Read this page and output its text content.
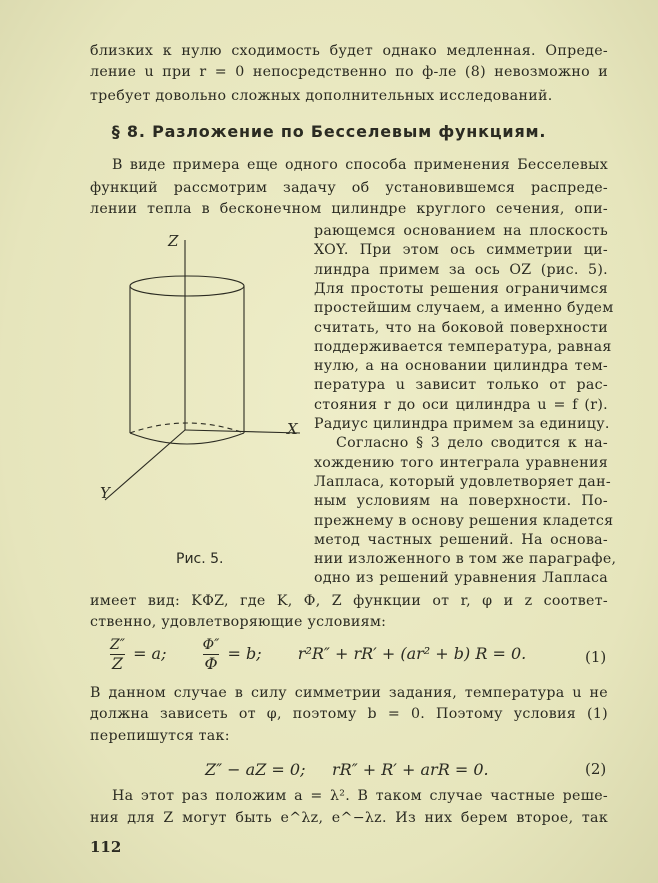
близких к нулю сходимость будет однако медленная. Опреде-
ление u при r = 0 непосредственно по ф-ле (8) невозможно и
требует довольно сложных дополнительных исследований.
§ 8. Разложение по Бесселевым функциям.
В виде примера еще одного способа применения Бесселевых
функций рассмотрим задачу об установившемся распреде-
лении тепла в бесконечном цилиндре круглого сечения, опи-
рающемся основанием на плоскость
XOY. При этом ось симметрии ци-
линдра примем за ось OZ (рис. 5).
Для простоты решения ограничимся
простейшим случаем, а именно будем
считать, что на боковой поверхности
поддерживается температура, равная
нулю, а на основании цилиндра тем-
пература u зависит только от рас-
стояния r до оси цилиндра u = f (r).
Радиус цилиндра примем за единицу.
Согласно § 3 дело сводится к на-
хождению того интеграла уравнения
Лапласа, который удовлетворяет дан-
ным условиям на поверхности. По-
прежнему в основу решения кладется
метод частных решений. На основа-
нии изложенного в том же параграфе,
одно из решений уравнения Лапласа
Z
X
Y
Рис. 5.
имеет вид: KΦZ, где K, Φ, Z функции от r, φ и z соответ-
ственно, удовлетворяющие условиям:
$\frac{Z''}{Z} = a$;	$\frac{\Phi''}{\Phi} = b$; r²R″ + rR′ + (ar² + b) R = 0.	(1)
В данном случае в силу симметрии задания, температура u не
должна зависеть от φ, поэтому b = 0. Поэтому условия (1)
перепишутся так:
Z″ − aZ = 0; rR″ + R′ + arR = 0.	(2)
На этот раз положим a = λ². В таком случае частные реше-
ния для Z могут быть e^λz, e^−λz. Из них берем второе, так
112
